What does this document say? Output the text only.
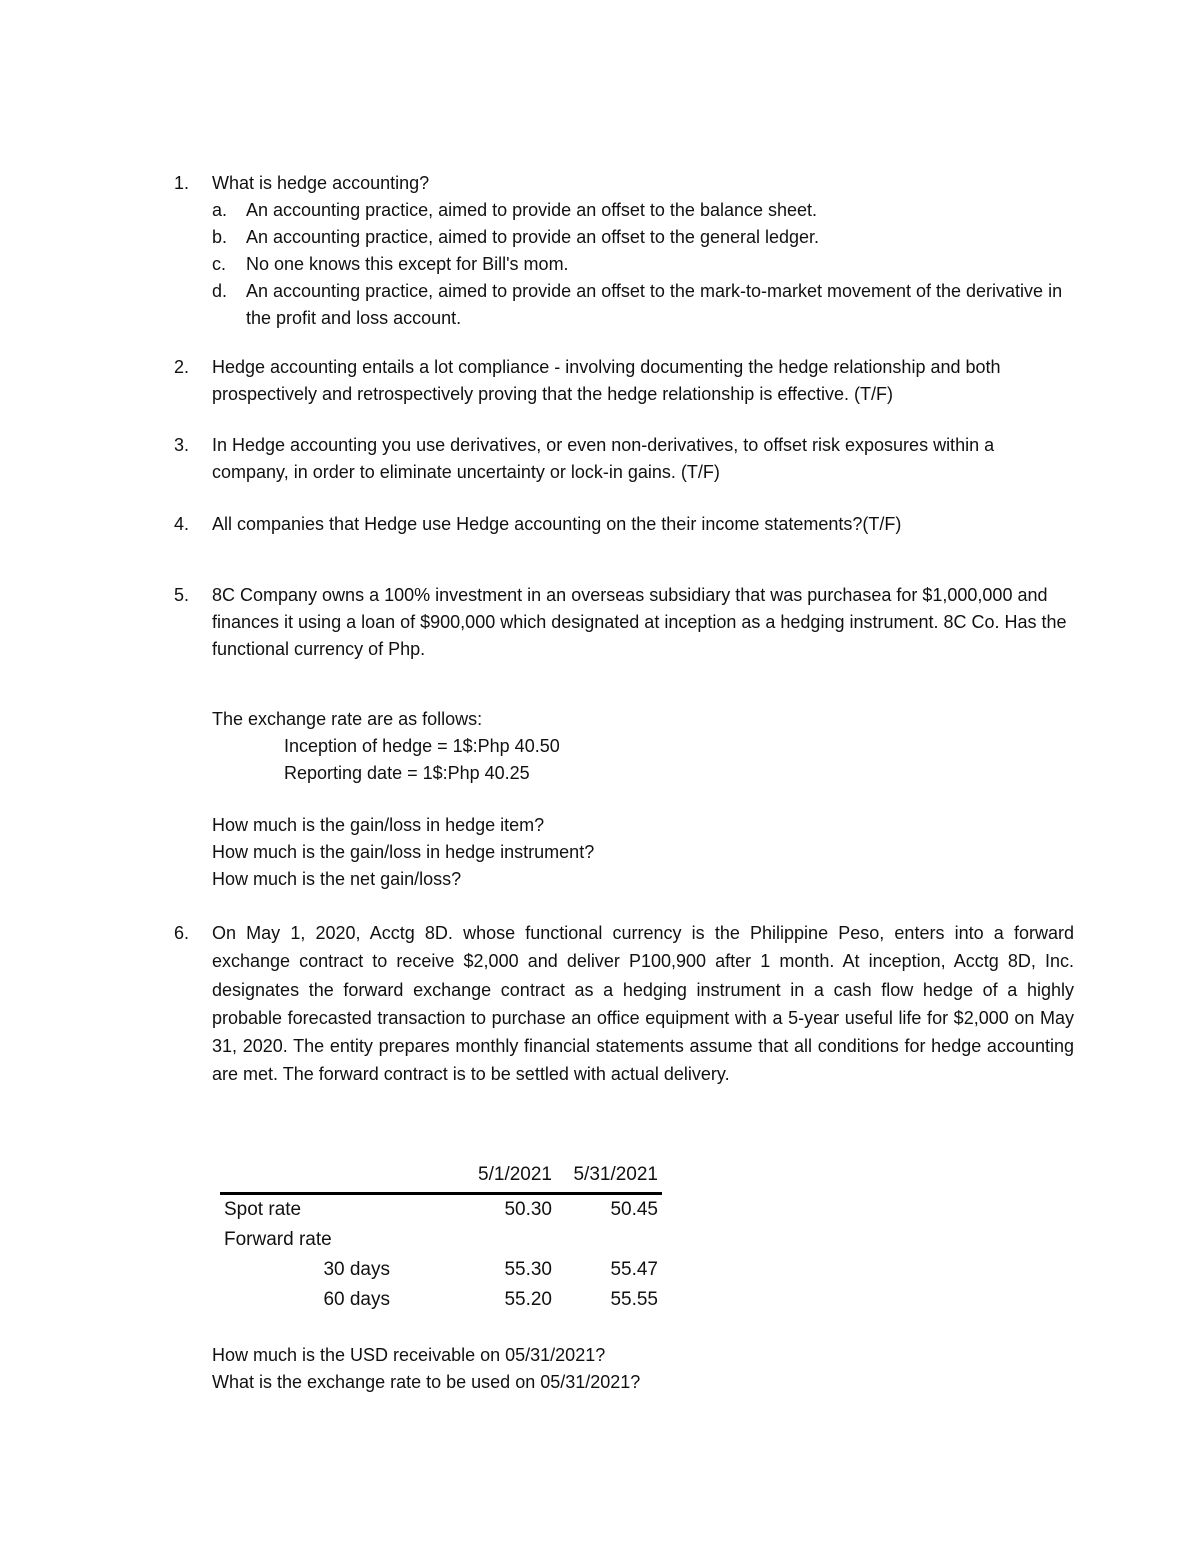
1.	What is hedge accounting?
a. An accounting practice, aimed to provide an offset to the balance sheet.
b. An accounting practice, aimed to provide an offset to the general ledger.
c. No one knows this except for Bill's mom.
d. An accounting practice, aimed to provide an offset to the mark-to-market movement of the derivative in the profit and loss account.
2.	Hedge accounting entails a lot compliance - involving documenting the hedge relationship and both prospectively and retrospectively proving that the hedge relationship is effective. (T/F)
3.	In Hedge accounting you use derivatives, or even non-derivatives, to offset risk exposures within a company, in order to eliminate uncertainty or lock-in gains. (T/F)
4.	All companies that Hedge use Hedge accounting on the their income statements?(T/F)
5.	8C Company owns a 100% investment in an overseas subsidiary that was purchasea for $1,000,000 and finances it using a loan of $900,000 which designated at inception as a hedging instrument. 8C Co. Has the functional currency of Php.
The exchange rate are as follows:
Inception of hedge = 1$:Php 40.50
Reporting date = 1$:Php 40.25
How much is the gain/loss in hedge item?
How much is the gain/loss in hedge instrument?
How much is the net gain/loss?
6.	On May 1, 2020, Acctg 8D. whose functional currency is the Philippine Peso, enters into a forward exchange contract to receive $2,000 and deliver P100,900 after 1 month. At inception, Acctg 8D, Inc. designates the forward exchange contract as a hedging instrument in a cash flow hedge of a highly probable forecasted transaction to purchase an office equipment with a 5-year useful life for $2,000 on May 31, 2020. The entity prepares monthly financial statements assume that all conditions for hedge accounting are met. The forward contract is to be settled with actual delivery.
	5/1/2021	5/31/2021
Spot rate	50.30	50.45
Forward rate		
30 days	55.30	55.47
60 days	55.20	55.55
How much is the USD receivable on 05/31/2021?
What is the exchange rate to be used on 05/31/2021?
